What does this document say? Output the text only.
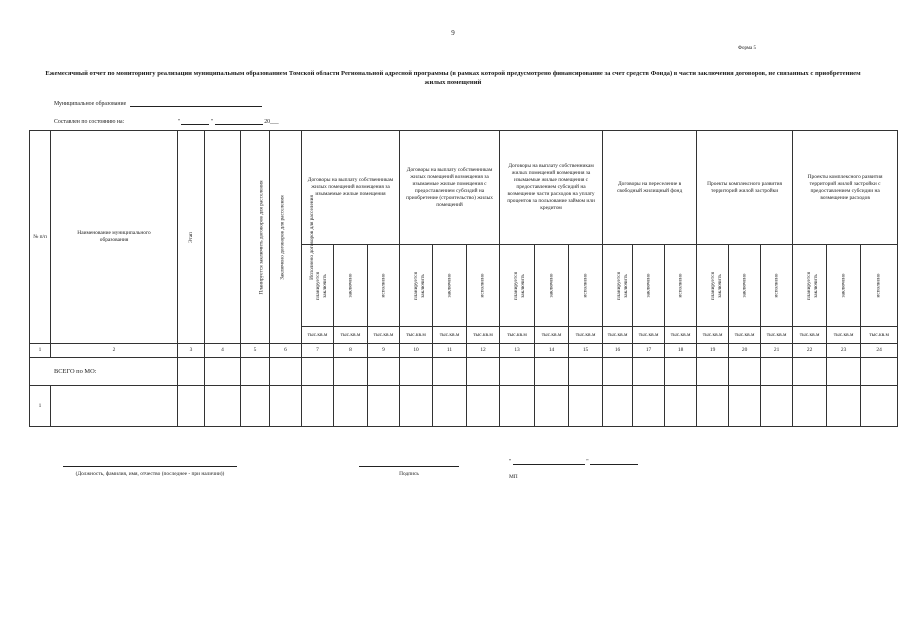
9
Форма 5
Ежемесячный отчет по мониторингу реализации муниципальным образованием Томской области Региональной адресной программы (в рамках которой предусмотрено финансирование за счет средств Фонда) в части заключения договоров, не связанных с приобретением жилых помещений
Муниципальное образование
Составлен по состоянию на:	"	"	20___
№ п/п	Наименование муниципального образования	Этап	Планируется заключить договоров для расселения	Заключено договоров для расселения	Исполнено договоров для расселения	Договоры на выплату собственникам жилых помещений возмещения за изымаемые жилые помещения			Договоры на выплату собственникам жилых помещений возмещения за изымаемые жилые помещения с предоставлением субсидий на приобретение (строительство) жилых помещений			Договоры на выплату собственникам жилых помещений возмещения за изымаемые жилые помещения с предоставлением субсидий на возмещение части расходов на уплату процентов за пользование займом или кредитом			Договоры на переселение в свободный жилищный фонд			Проекты комплексного развития территорий жилой застройки			Проекты комплексного развития территорий жилой застройки с предоставлением субсидии на возмещение расходов			
						планируется заключить	заключено	исполнено	планируется заключить	заключено	исполнено	планируется заключить	заключено	исполнено	планируется заключить	заключено	исполнено	планируется заключить	заключено	исполнено	планируется заключить	заключено	исполнено	
						тыс.кв.м	тыс.кв.м	тыс.кв.м	тыс.кв.м	тыс.кв.м	тыс.кв.м	тыс.кв.м	тыс.кв.м	тыс.кв.м	тыс.кв.м	тыс.кв.м	тыс.кв.м	тыс.кв.м	тыс.кв.м	тыс.кв.м	тыс.кв.м	тыс.кв.м	тыс.кв.м			
1	2	3	4	5	6	7	8	9	10	11	12	13	14	15	16	17	18	19	20	21	22	23	24	
ВСЕГО по МО:																								
1																								
(Должность, фамилия, имя, отчество (последнее - при наличии))	Подпись
"	"
МП
